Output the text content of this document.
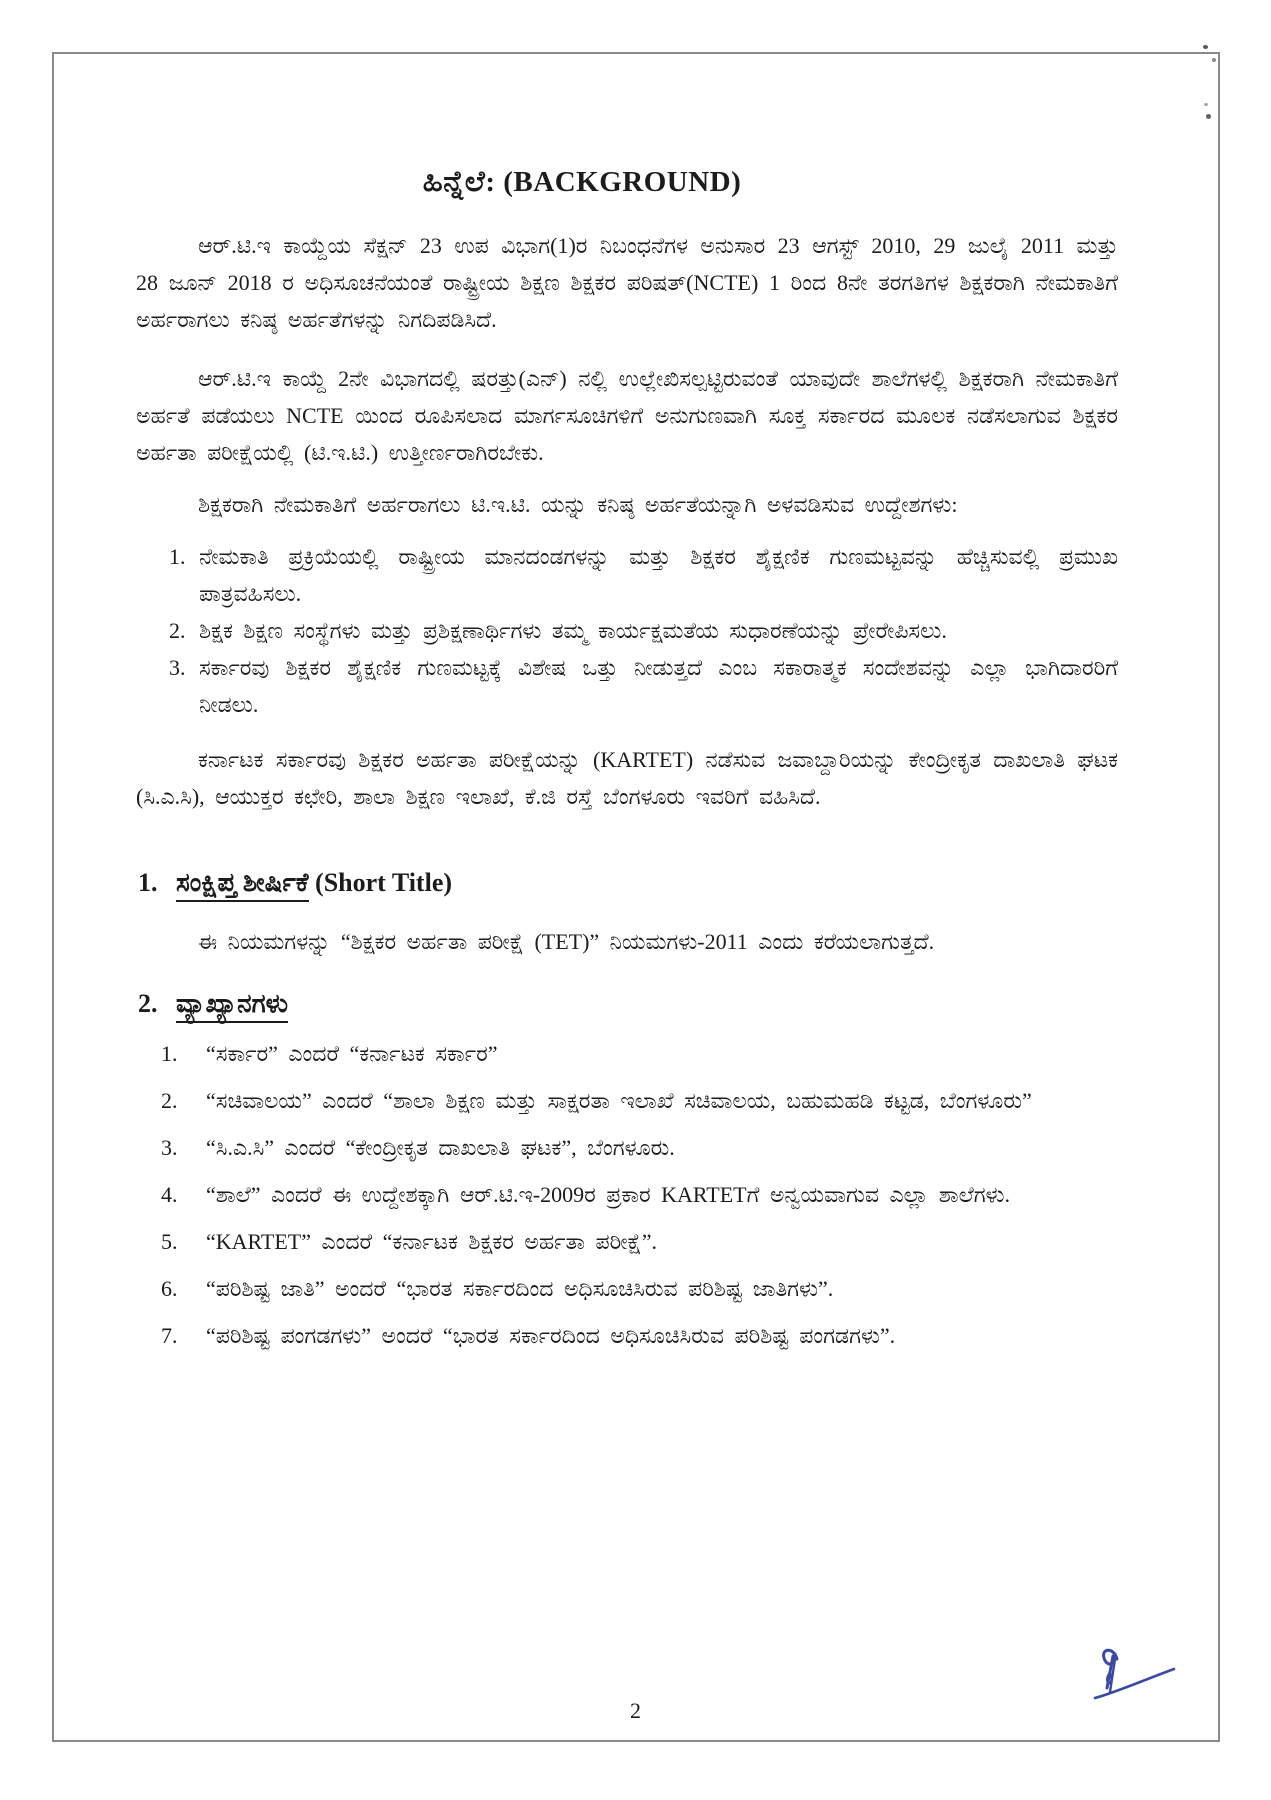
ಹಿನ್ನೆಲೆ: (BACKGROUND)

ಆರ್.ಟಿ.ಇ ಕಾಯ್ದೆಯ ಸೆಕ್ಷನ್ 23 ಉಪ ವಿಭಾಗ(1)ರ ನಿಬಂಧನೆಗಳ ಅನುಸಾರ 23 ಆಗಸ್ಟ್ 2010, 29 ಜುಲೈ 2011 ಮತ್ತು 28 ಜೂನ್ 2018 ರ ಅಧಿಸೂಚನೆಯಂತೆ ರಾಷ್ಟ್ರೀಯ ಶಿಕ್ಷಣ ಶಿಕ್ಷಕರ ಪರಿಷತ್(NCTE) 1 ರಿಂದ 8ನೇ ತರಗತಿಗಳ ಶಿಕ್ಷಕರಾಗಿ ನೇಮಕಾತಿಗೆ ಅರ್ಹರಾಗಲು ಕನಿಷ್ಠ ಅರ್ಹತೆಗಳನ್ನು ನಿಗದಿಪಡಿಸಿದೆ.

ಆರ್.ಟಿ.ಇ ಕಾಯ್ದೆ 2ನೇ ವಿಭಾಗದಲ್ಲಿ ಷರತ್ತು(ಎನ್) ನಲ್ಲಿ ಉಲ್ಲೇಖಿಸಲ್ಪಟ್ಟಿರುವಂತೆ ಯಾವುದೇ ಶಾಲೆಗಳಲ್ಲಿ ಶಿಕ್ಷಕರಾಗಿ ನೇಮಕಾತಿಗೆ ಅರ್ಹತೆ ಪಡೆಯಲು NCTE ಯಿಂದ ರೂಪಿಸಲಾದ ಮಾರ್ಗಸೂಚಿಗಳಿಗೆ ಅನುಗುಣವಾಗಿ ಸೂಕ್ತ ಸರ್ಕಾರದ ಮೂಲಕ ನಡೆಸಲಾಗುವ ಶಿಕ್ಷಕರ ಅರ್ಹತಾ ಪರೀಕ್ಷೆಯಲ್ಲಿ (ಟಿ.ಇ.ಟಿ.) ಉತ್ತೀರ್ಣರಾಗಿರಬೇಕು.

ಶಿಕ್ಷಕರಾಗಿ ನೇಮಕಾತಿಗೆ ಅರ್ಹರಾಗಲು ಟಿ.ಇ.ಟಿ. ಯನ್ನು ಕನಿಷ್ಠ ಅರ್ಹತೆಯನ್ನಾಗಿ ಅಳವಡಿಸುವ ಉದ್ದೇಶಗಳು:

1. ನೇಮಕಾತಿ ಪ್ರಕ್ರಿಯೆಯಲ್ಲಿ ರಾಷ್ಟ್ರೀಯ ಮಾನದಂಡಗಳನ್ನು ಮತ್ತು ಶಿಕ್ಷಕರ ಶೈಕ್ಷಣಿಕ ಗುಣಮಟ್ಟವನ್ನು ಹೆಚ್ಚಿಸುವಲ್ಲಿ ಪ್ರಮುಖ ಪಾತ್ರವಹಿಸಲು.
2. ಶಿಕ್ಷಕ ಶಿಕ್ಷಣ ಸಂಸ್ಥೆಗಳು ಮತ್ತು ಪ್ರಶಿಕ್ಷಣಾರ್ಥಿಗಳು ತಮ್ಮ ಕಾರ್ಯಕ್ಷಮತೆಯ ಸುಧಾರಣೆಯನ್ನು ಪ್ರೇರೇಪಿಸಲು.
3. ಸರ್ಕಾರವು ಶಿಕ್ಷಕರ ಶೈಕ್ಷಣಿಕ ಗುಣಮಟ್ಟಕ್ಕೆ ವಿಶೇಷ ಒತ್ತು ನೀಡುತ್ತದೆ ಎಂಬ ಸಕಾರಾತ್ಮಕ ಸಂದೇಶವನ್ನು ಎಲ್ಲಾ ಭಾಗಿದಾರರಿಗೆ ನೀಡಲು.

ಕರ್ನಾಟಕ ಸರ್ಕಾರವು ಶಿಕ್ಷಕರ ಅರ್ಹತಾ ಪರೀಕ್ಷೆಯನ್ನು (KARTET) ನಡೆಸುವ ಜವಾಬ್ದಾರಿಯನ್ನು ಕೇಂದ್ರೀಕೃತ ದಾಖಲಾತಿ ಘಟಕ (ಸಿ.ಎ.ಸಿ), ಆಯುಕ್ತರ ಕಛೇರಿ, ಶಾಲಾ ಶಿಕ್ಷಣ ಇಲಾಖೆ, ಕೆ.ಜಿ ರಸ್ತೆ ಬೆಂಗಳೂರು ಇವರಿಗೆ ವಹಿಸಿದೆ.

1. ಸಂಕ್ಷಿಪ್ತ ಶೀರ್ಷಿಕೆ (Short Title)

ಈ ನಿಯಮಗಳನ್ನು “ಶಿಕ್ಷಕರ ಅರ್ಹತಾ ಪರೀಕ್ಷೆ (TET)” ನಿಯಮಗಳು-2011 ಎಂದು ಕರೆಯಲಾಗುತ್ತದೆ.

2. ವ್ಯಾಖ್ಯಾನಗಳು
1. “ಸರ್ಕಾರ” ಎಂದರೆ “ಕರ್ನಾಟಕ ಸರ್ಕಾರ”
2. “ಸಚಿವಾಲಯ” ಎಂದರೆ “ಶಾಲಾ ಶಿಕ್ಷಣ ಮತ್ತು ಸಾಕ್ಷರತಾ ಇಲಾಖೆ ಸಚಿವಾಲಯ, ಬಹುಮಹಡಿ ಕಟ್ಟಡ, ಬೆಂಗಳೂರು”
3. “ಸಿ.ಎ.ಸಿ” ಎಂದರೆ “ಕೇಂದ್ರೀಕೃತ ದಾಖಲಾತಿ ಘಟಕ”, ಬೆಂಗಳೂರು.
4. “ಶಾಲೆ” ಎಂದರೆ ಈ ಉದ್ದೇಶಕ್ಕಾಗಿ ಆರ್.ಟಿ.ಇ-2009ರ ಪ್ರಕಾರ KARTETಗೆ ಅನ್ವಯವಾಗುವ ಎಲ್ಲಾ ಶಾಲೆಗಳು.
5. “KARTET” ಎಂದರೆ “ಕರ್ನಾಟಕ ಶಿಕ್ಷಕರ ಅರ್ಹತಾ ಪರೀಕ್ಷೆ”.
6. “ಪರಿಶಿಷ್ಟ ಜಾತಿ” ಅಂದರೆ “ಭಾರತ ಸರ್ಕಾರದಿಂದ ಅಧಿಸೂಚಿಸಿರುವ ಪರಿಶಿಷ್ಟ ಜಾತಿಗಳು”.
7. “ಪರಿಶಿಷ್ಟ ಪಂಗಡಗಳು” ಅಂದರೆ “ಭಾರತ ಸರ್ಕಾರದಿಂದ ಅಧಿಸೂಚಿಸಿರುವ ಪರಿಶಿಷ್ಟ ಪಂಗಡಗಳು”.
2
